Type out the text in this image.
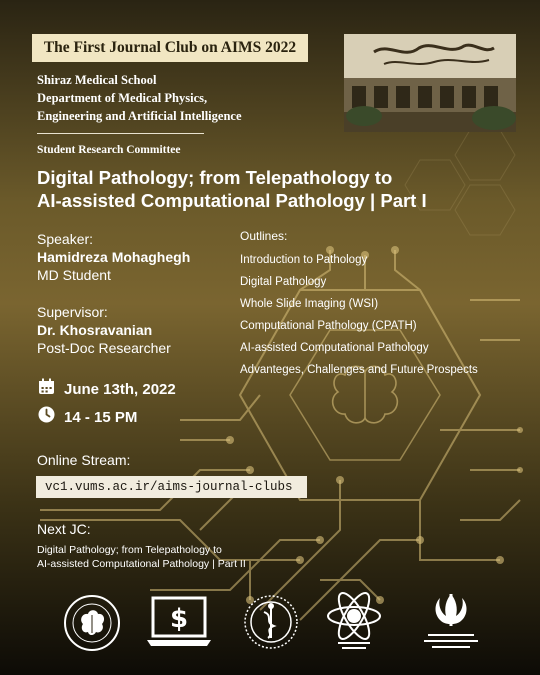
The First Journal Club on AIMS 2022
Shiraz Medical School
Department of Medical Physics,
Engineering and Artificial Intelligence
Student Research Committee
Digital Pathology; from Telepathology to
AI-assisted Computational Pathology | Part I
Speaker:
Hamidreza Mohaghegh
MD Student
Supervisor:
Dr. Khosravanian
Post-Doc Researcher
Outlines:
Introduction to Pathology
Digital Pathology
Whole Slide Imaging (WSI)
Computational Pathology (CPATH)
AI-assisted Computational Pathology
Advanteges, Challenges and Future Prospects
June 13th, 2022
14 - 15 PM
Online Stream:
vc1.vums.ac.ir/aims-journal-clubs
Next JC:
Digital Pathology; from Telepathology to
AI-assisted Computational Pathology | Part II
$
